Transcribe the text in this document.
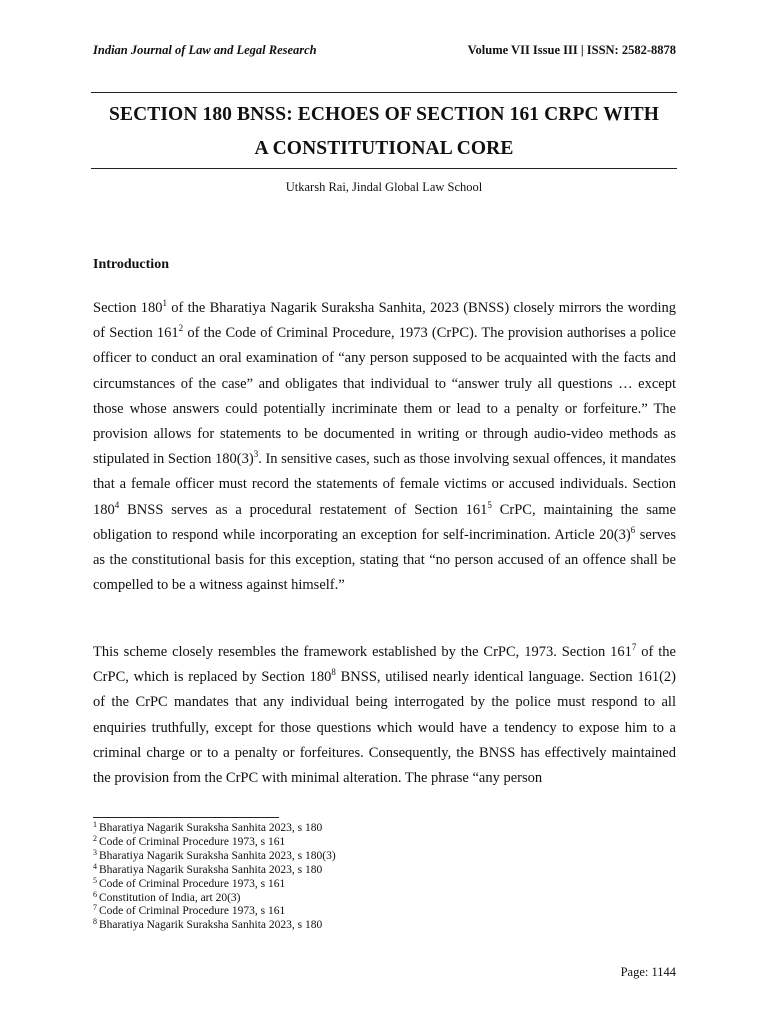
Indian Journal of Law and Legal Research	Volume VII Issue III | ISSN: 2582-8878
SECTION 180 BNSS: ECHOES OF SECTION 161 CRPC WITH
A CONSTITUTIONAL CORE
Utkarsh Rai, Jindal Global Law School
Introduction

Section $180^1$ of the Bharatiya Nagarik Suraksha Sanhita, 2023 (BNSS) closely mirrors the wording of Section $161^2$ of the Code of Criminal Procedure, 1973 (CrPC). The provision authorises a police officer to conduct an oral examination of “any person supposed to be acquainted with the facts and circumstances of the case” and obligates that individual to “answer truly all questions … except those whose answers could potentially incriminate them or lead to a penalty or forfeiture.” The provision allows for statements to be documented in writing or through audio-video methods as stipulated in Section $180(3)^3$. In sensitive cases, such as those involving sexual offences, it mandates that a female officer must record the statements of female victims or accused individuals. Section $180^4$ BNSS serves as a procedural restatement of Section $161^5$ CrPC, maintaining the same obligation to respond while incorporating an exception for self-incrimination. Article $20(3)^6$ serves as the constitutional basis for this exception, stating that “no person accused of an offence shall be compelled to be a witness against himself.”

This scheme closely resembles the framework established by the CrPC, 1973. Section $161^7$ of the CrPC, which is replaced by Section $180^8$ BNSS, utilised nearly identical language. Section 161(2) of the CrPC mandates that any individual being interrogated by the police must respond to all enquiries truthfully, except for those questions which would have a tendency to expose him to a criminal charge or to a penalty or forfeitures. Consequently, the BNSS has effectively maintained the provision from the CrPC with minimal alteration. The phrase “any person

$^1$ Bharatiya Nagarik Suraksha Sanhita 2023, s 180
$^2$ Code of Criminal Procedure 1973, s 161
$^3$ Bharatiya Nagarik Suraksha Sanhita 2023, s 180(3)
$^4$ Bharatiya Nagarik Suraksha Sanhita 2023, s 180
$^5$ Code of Criminal Procedure 1973, s 161
$^6$ Constitution of India, art 20(3)
$^7$ Code of Criminal Procedure 1973, s 161
$^8$ Bharatiya Nagarik Suraksha Sanhita 2023, s 180
Page: 1144
